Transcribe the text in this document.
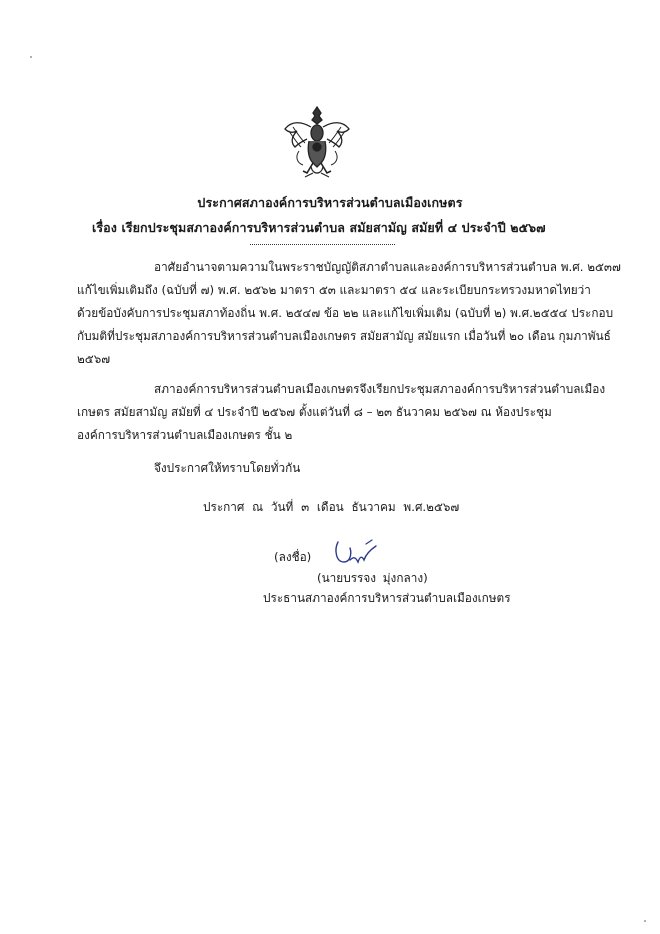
ประกาศสภาองค์การบริหารส่วนตำบลเมืองเกษตร
เรื่อง เรียกประชุมสภาองค์การบริหารส่วนตำบล สมัยสามัญ สมัยที่ ๔ ประจำปี ๒๕๖๗
อาศัยอำนาจตามความในพระราชบัญญัติสภาตำบลและองค์การบริหารส่วนตำบล พ.ศ. ๒๕๓๗
แก้ไขเพิ่มเติมถึง (ฉบับที่ ๗) พ.ศ. ๒๕๖๒ มาตรา ๕๓ และมาตรา ๕๔ และระเบียบกระทรวงมหาดไทยว่า
ด้วยข้อบังคับการประชุมสภาท้องถิ่น พ.ศ. ๒๕๔๗ ข้อ ๒๒ และแก้ไขเพิ่มเติม (ฉบับที่ ๒) พ.ศ.๒๕๕๔ ประกอบ
กับมติที่ประชุมสภาองค์การบริหารส่วนตำบลเมืองเกษตร สมัยสามัญ สมัยแรก เมื่อวันที่ ๒๐ เดือน กุมภาพันธ์
๒๕๖๗
สภาองค์การบริหารส่วนตำบลเมืองเกษตรจึงเรียกประชุมสภาองค์การบริหารส่วนตำบลเมือง
เกษตร สมัยสามัญ สมัยที่ ๔ ประจำปี ๒๕๖๗ ตั้งแต่วันที่ ๘ – ๒๓ ธันวาคม ๒๕๖๗ ณ ห้องประชุม
องค์การบริหารส่วนตำบลเมืองเกษตร ชั้น ๒
จึงประกาศให้ทราบโดยทั่วกัน
ประกาศ ณ วันที่ ๓ เดือน ธันวาคม พ.ศ.๒๕๖๗
(ลงชื่อ)
(นายบรรจง มุ่งกลาง)
ประธานสภาองค์การบริหารส่วนตำบลเมืองเกษตร
